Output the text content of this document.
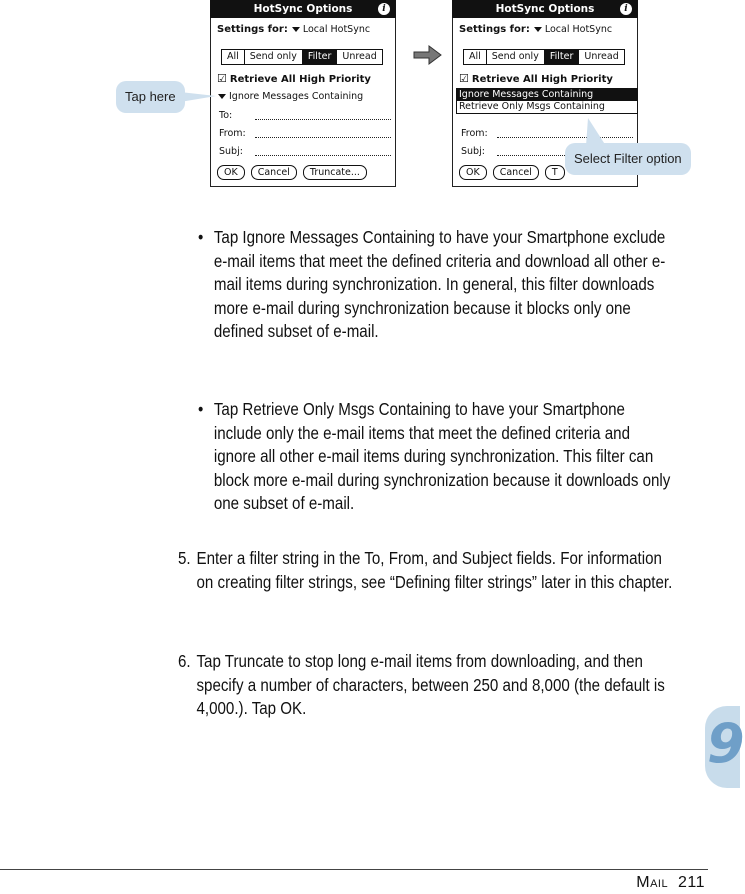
HotSync Options	i
Settings for: Local HotSync
All	Send only	Filter	Unread
☑ Retrieve All High Priority
Ignore Messages Containing
To:
From:
Subj:
OK	Cancel	Truncate...
HotSync Options	i
Settings for: Local HotSync
All	Send only	Filter	Unread
☑ Retrieve All High Priority
Ignore Messages Containing
Retrieve Only Msgs Containing
From:
Subj:
OK	Cancel	T
Tap here
Select Filter option
• Tap Ignore Messages Containing to have your Smartphone exclude e-mail items that meet the defined criteria and download all other e-mail items during synchronization. In general, this filter downloads more e-mail during synchronization because it blocks only one defined subset of e-mail.
• Tap Retrieve Only Msgs Containing to have your Smartphone include only the e-mail items that meet the defined criteria and ignore all other e-mail items during synchronization. This filter can block more e-mail during synchronization because it downloads only one subset of e-mail.
5. Enter a filter string in the To, From, and Subject fields. For information on creating filter strings, see “Defining filter strings” later in this chapter.
6. Tap Truncate to stop long e-mail items from downloading, and then specify a number of characters, between 250 and 8,000 (the default is 4,000.). Tap OK.
9
Mail 211
